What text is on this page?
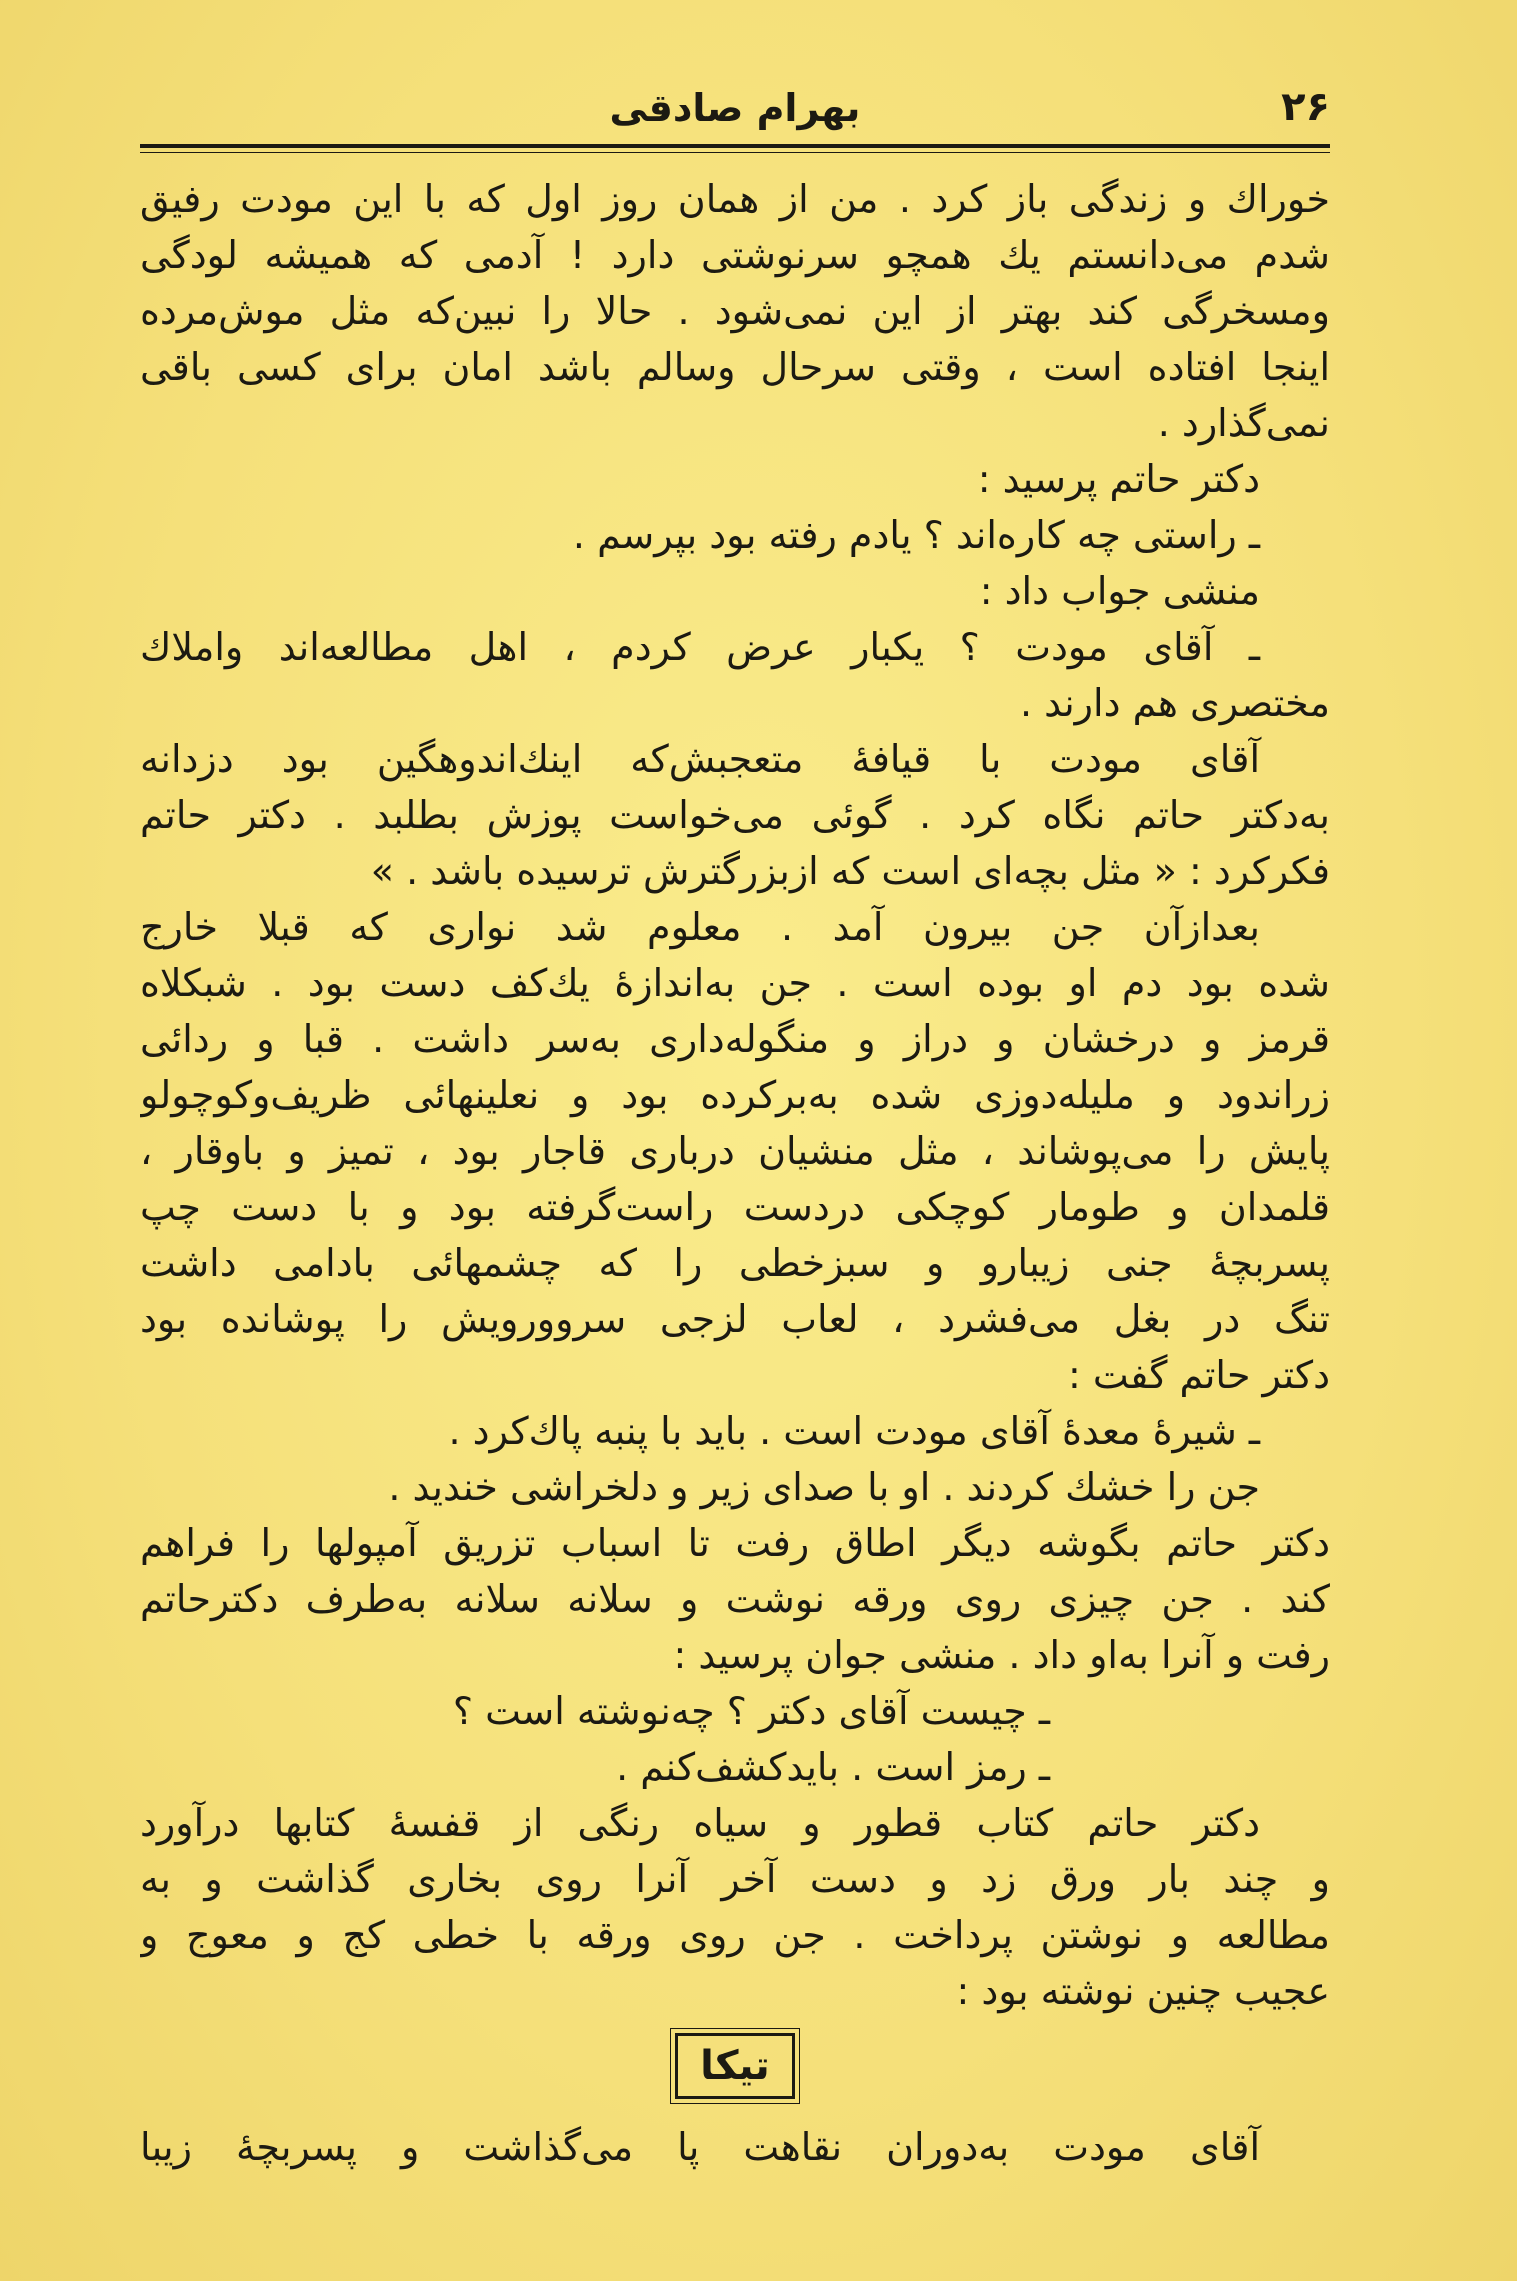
۲۶
بهرام صادقی
خوراك و زندگی باز کرد . من از همان روز اول که با این مودت رفیق
شدم می‌دانستم یك همچو سرنوشتی دارد ! آدمی که همیشه لودگی
ومسخرگی کند بهتر از این نمی‌شود . حالا را نبین‌که مثل موش‌مرده
اینجا افتاده است ، وقتی سرحال وسالم باشد امان برای کسی باقی
نمی‌گذارد .
دکتر حاتم پرسید :
ـ راستی چه کاره‌اند ؟ یادم رفته بود بپرسم .
منشی جواب داد :
ـ آقای مودت ؟ یکبار عرض کردم ، اهل مطالعه‌اند واملاك
مختصری هم دارند .
آقای مودت با قیافهٔ متعجبش‌که اینك‌اندوهگین بود دزدانه
به‌دکتر حاتم نگاه کرد . گوئی می‌خواست پوزش بطلبد . دکتر حاتم
فکرکرد : « مثل بچه‌ای است که ازبزرگترش ترسیده باشد . »
بعدازآن جن بیرون آمد . معلوم شد نواری که قبلا خارج
شده بود دم او بوده است . جن به‌اندازهٔ یك‌کف دست بود . شبکلاه
قرمز و درخشان و دراز و منگوله‌داری به‌سر داشت . قبا و ردائی
زراندود و ملیله‌دوزی شده به‌برکرده بود و نعلینهائی ظریف‌وکوچولو
پایش را می‌پوشاند ، مثل منشیان درباری قاجار بود ، تمیز و باوقار ،
قلمدان و طومار کوچکی دردست راست‌گرفته بود و با دست چپ
پسربچهٔ جنی زیبارو و سبزخطی را که چشمهائی بادامی داشت
تنگ در بغل می‌فشرد ، لعاب لزجی سروورویش را پوشانده بود
دکتر حاتم گفت :
ـ شیرهٔ معدهٔ آقای مودت است . باید با پنبه پاك‌کرد .
جن را خشك کردند . او با صدای زیر و دلخراشی خندید .
دکتر حاتم بگوشه دیگر اطاق رفت تا اسباب تزریق آمپولها را فراهم
کند . جن چیزی روی ورقه نوشت و سلانه سلانه به‌طرف دکترحاتم
رفت و آنرا به‌او داد . منشی جوان پرسید :
ـ چیست آقای دکتر ؟ چه‌نوشته است ؟
ـ رمز است . بایدکشف‌کنم .
دکتر حاتم کتاب قطور و سیاه رنگی از قفسهٔ کتابها درآورد
و چند بار ورق زد و دست آخر آنرا روی بخاری گذاشت و به
مطالعه و نوشتن پرداخت . جن روی ورقه با خطی کج و معوج و
عجیب چنین نوشته بود :
تیکا
آقای مودت به‌دوران نقاهت پا می‌گذاشت و پسربچهٔ زیبا
